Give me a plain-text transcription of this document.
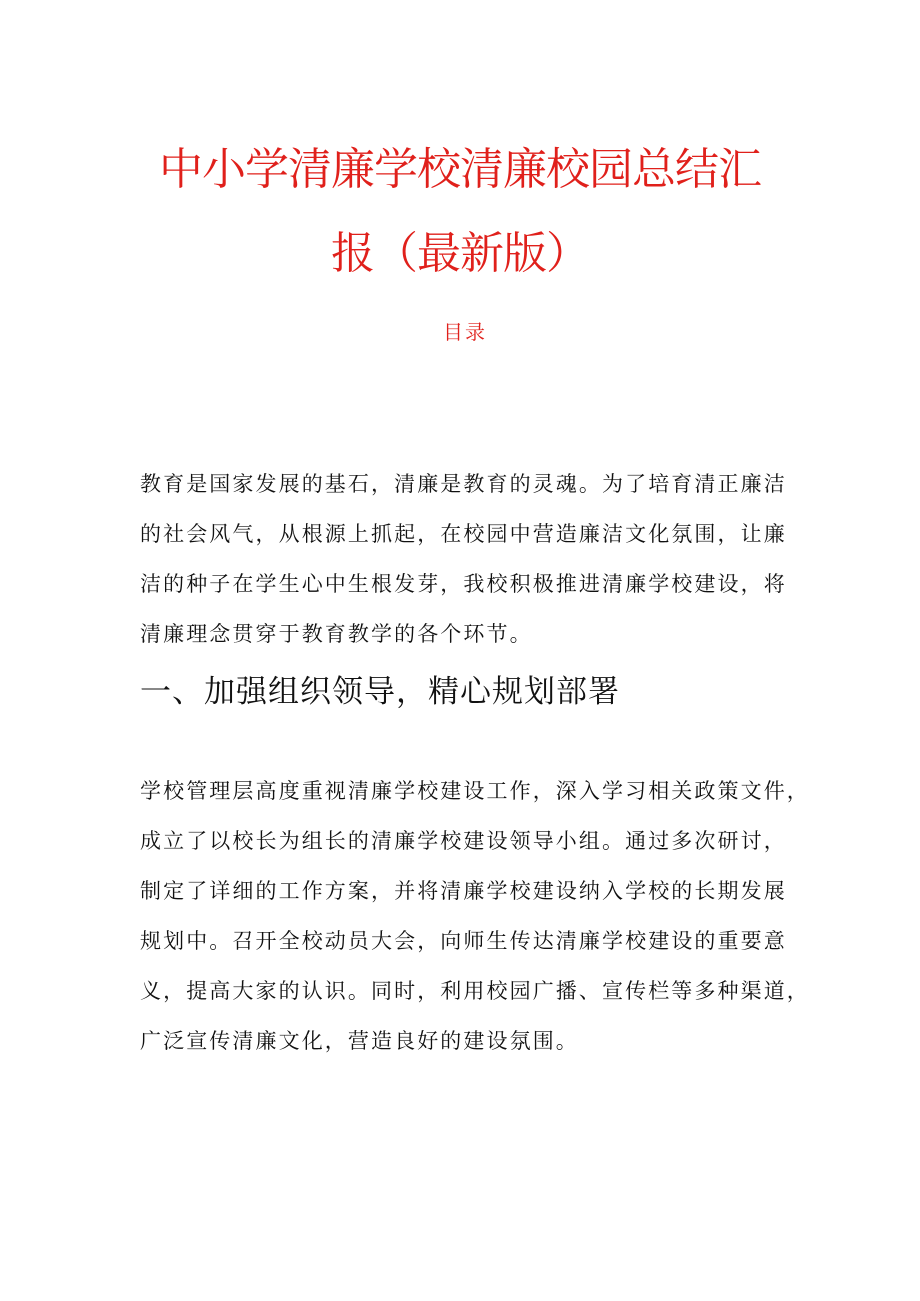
中小学清廉学校清廉校园总结汇
报（最新版）
目录
教育是国家发展的基石，清廉是教育的灵魂。为了培育清正廉洁
的社会风气，从根源上抓起，在校园中营造廉洁文化氛围，让廉
洁的种子在学生心中生根发芽，我校积极推进清廉学校建设，将
清廉理念贯穿于教育教学的各个环节。
一、加强组织领导，精心规划部署
学校管理层高度重视清廉学校建设工作，深入学习相关政策文件，
成立了以校长为组长的清廉学校建设领导小组。通过多次研讨，
制定了详细的工作方案，并将清廉学校建设纳入学校的长期发展
规划中。召开全校动员大会，向师生传达清廉学校建设的重要意
义，提高大家的认识。同时，利用校园广播、宣传栏等多种渠道，
广泛宣传清廉文化，营造良好的建设氛围。
